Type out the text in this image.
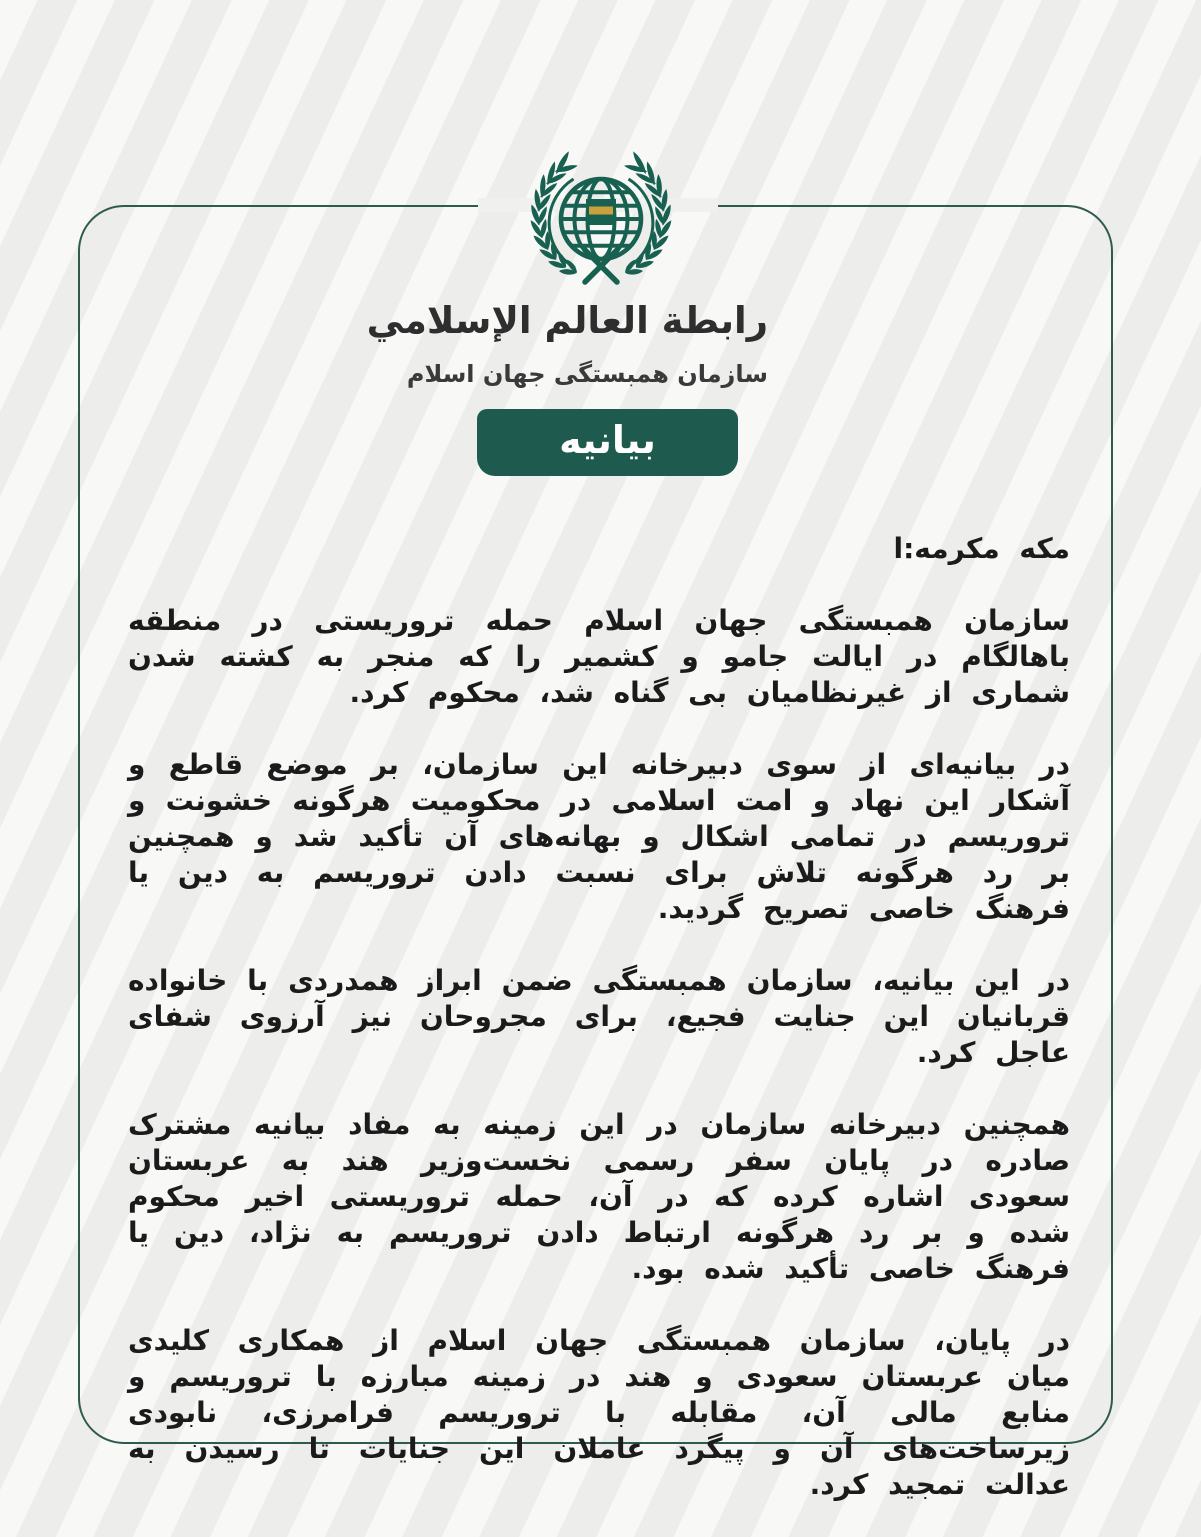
رابطة العالم الإسلامي
سازمان همبستگی جهان اسلام
بیانیه
مکه مکرمه:ا

سازمان همبستگی جهان اسلام حمله تروریستی در منطقه باهالگام در ایالت جامو و کشمیر را که منجر به کشته شدن شماری از غیرنظامیان بی گناه شد، محکوم کرد.

در بیانیه‌ای از سوی دبیرخانه این سازمان، بر موضع قاطع و آشکار این نهاد و امت اسلامی در محکومیت هرگونه خشونت و تروریسم در تمامی اشکال و بهانه‌های آن تأکید شد و همچنین بر رد هرگونه تلاش برای نسبت دادن تروریسم به دین یا فرهنگ خاصی تصریح گردید.

در این بیانیه، سازمان همبستگی ضمن ابراز همدردی با خانواده قربانیان این جنایت فجیع، برای مجروحان نیز آرزوی شفای عاجل کرد.

همچنین دبیرخانه سازمان در این زمینه به مفاد بیانیه مشترک صادره در پایان سفر رسمی نخست‌وزیر هند به عربستان سعودی اشاره کرده که در آن، حمله تروریستی اخیر محکوم شده و بر رد هرگونه ارتباط دادن تروریسم به نژاد، دین یا فرهنگ خاصی تأکید شده بود.

در پایان، سازمان همبستگی جهان اسلام از همکاری کلیدی میان عربستان سعودی و هند در زمینه مبارزه با تروریسم و منابع مالی آن، مقابله با تروریسم فرامرزی، نابودی زیرساخت‌های آن و پیگرد عاملان این جنایات تا رسیدن به عدالت تمجید کرد.
